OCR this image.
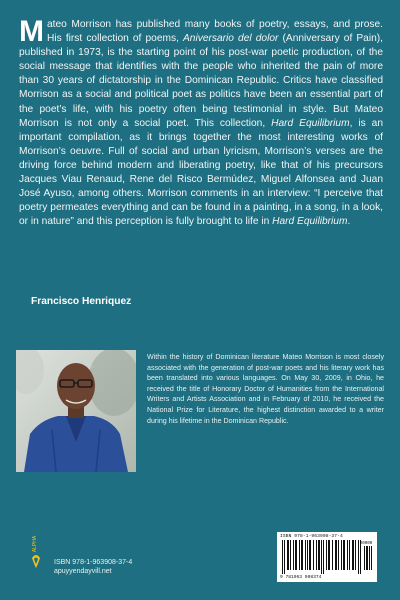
Mateo Morrison has published many books of poetry, essays, and prose. His first collection of poems, Aniversario del dolor (Anniversary of Pain), published in 1973, is the starting point of his post-war poetic production, of the social message that identifies with the people who inherited the pain of more than 30 years of dictatorship in the Dominican Republic. Critics have classified Morrison as a social and political poet as politics have been an essential part of the poet’s life, with his poetry often being testimonial in style. But Mateo Morrison is not only a social poet. This collection, Hard Equilibrium, is an important compilation, as it brings together the most interesting works of Morrison’s oeuvre. Full of social and urban lyricism, Morrison’s verses are the driving force behind modern and liberating poetry, like that of his precursors Jacques Viau Renaud, Rene del Risco Bermúdez, Miguel Alfonsea and Juan José Ayuso, among others. Morrison comments in an interview: “I perceive that poetry permeates everything and can be found in a painting, in a song, in a look, or in nature” and this perception is fully brought to life in Hard Equilibrium.
Francisco Henriquez
Within the history of Dominican literature Mateo Morrison is most closely associated with the generation of post-war poets and his literary work has been translated into various languages. On May 30, 2009, in Ohio, he received the title of Honorary Doctor of Humanities from the International Writers and Artists Association and in February of 2010, he received the National Prize for Literature, the highest distinction awarded to a writer during his lifetime in the Dominican Republic.
ALPHA
ISBN 978-1-963908-37-4
apuyyendayvill.net
ISBN 978-1-963908-37-4
90000
9 781963 908374
